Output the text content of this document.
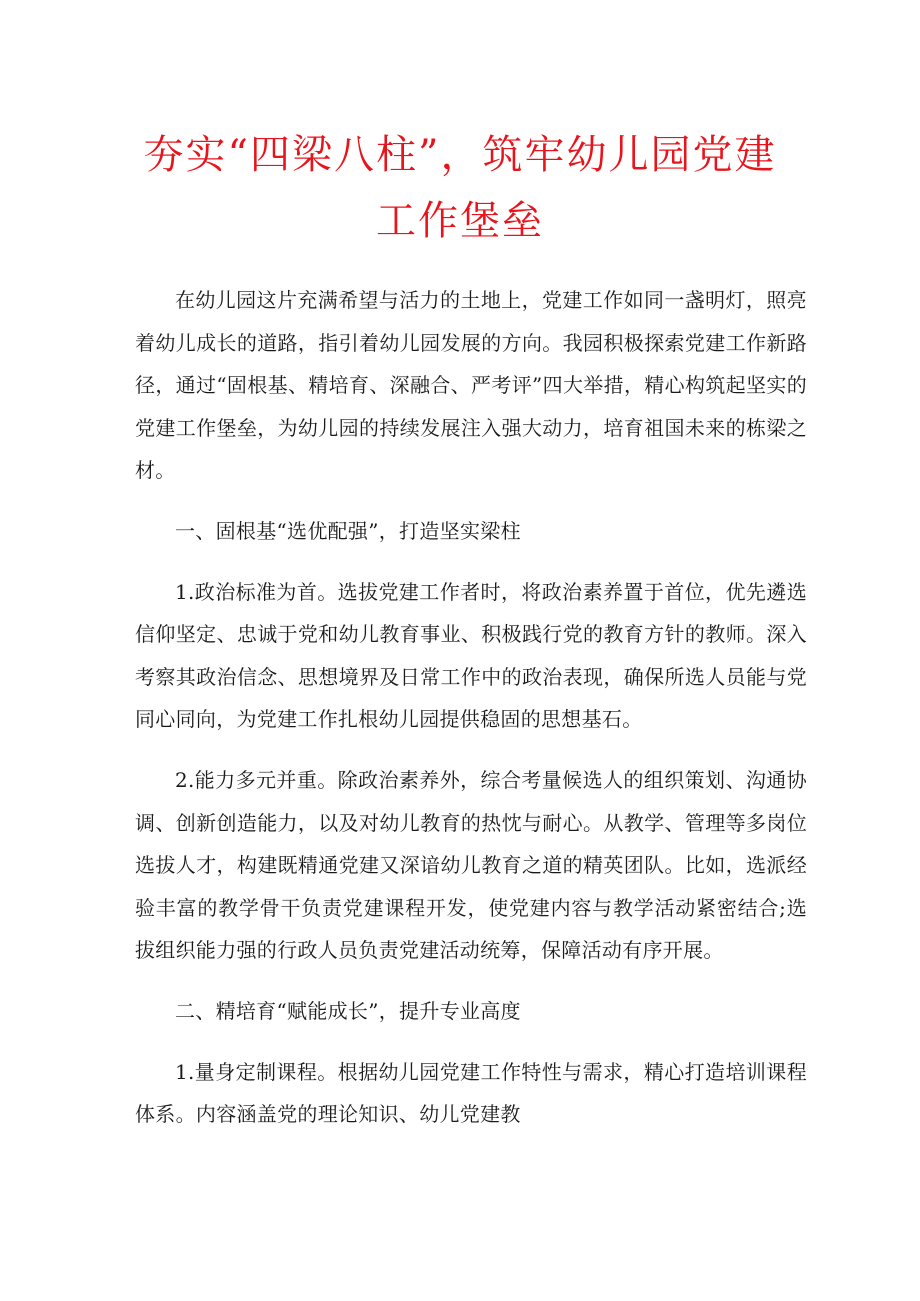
夯实“四梁八柱”，筑牢幼儿园党建
工作堡垒

在幼儿园这片充满希望与活力的土地上，党建工作如同一盏明灯，照亮着幼儿成长的道路，指引着幼儿园发展的方向。我园积极探索党建工作新路径，通过“固根基、精培育、深融合、严考评”四大举措，精心构筑起坚实的党建工作堡垒，为幼儿园的持续发展注入强大动力，培育祖国未来的栋梁之材。

一、固根基“选优配强”，打造坚实梁柱

1.政治标准为首。选拔党建工作者时，将政治素养置于首位，优先遴选信仰坚定、忠诚于党和幼儿教育事业、积极践行党的教育方针的教师。深入考察其政治信念、思想境界及日常工作中的政治表现，确保所选人员能与党同心同向，为党建工作扎根幼儿园提供稳固的思想基石。

2.能力多元并重。除政治素养外，综合考量候选人的组织策划、沟通协调、创新创造能力，以及对幼儿教育的热忱与耐心。从教学、管理等多岗位选拔人才，构建既精通党建又深谙幼儿教育之道的精英团队。比如，选派经验丰富的教学骨干负责党建课程开发，使党建内容与教学活动紧密结合;选拔组织能力强的行政人员负责党建活动统筹，保障活动有序开展。

二、精培育“赋能成长”，提升专业高度

1.量身定制课程。根据幼儿园党建工作特性与需求，精心打造培训课程体系。内容涵盖党的理论知识、幼儿党建教
